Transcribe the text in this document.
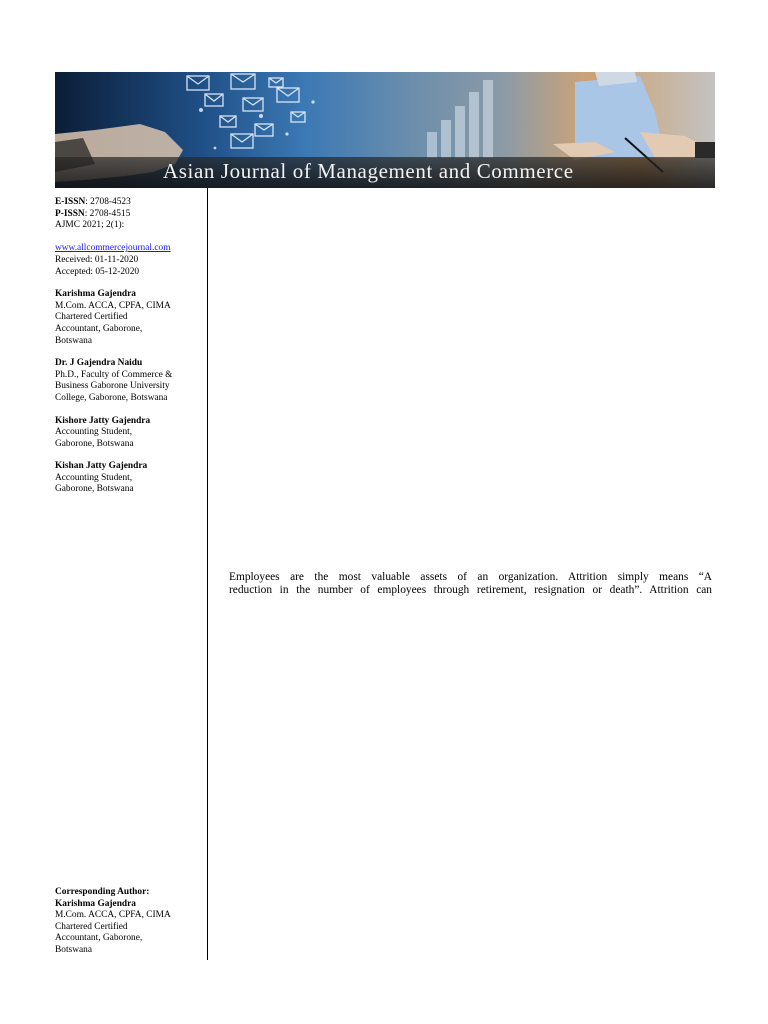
Asian Journal of Management and Commerce
E-ISSN: 2708-4523
P-ISSN: 2708-4515
AJMC 2021; 2(1):
www.allcommercejournal.com
Received: 01-11-2020
Accepted: 05-12-2020
Karishma Gajendra
M.Com. ACCA, CPFA, CIMA
Chartered Certified
Accountant, Gaborone,
Botswana
Dr. J Gajendra Naidu
Ph.D., Faculty of Commerce &
Business Gaborone University
College, Gaborone, Botswana
Kishore Jatty Gajendra
Accounting Student,
Gaborone, Botswana
Kishan Jatty Gajendra
Accounting Student,
Gaborone, Botswana
Corresponding Author:
Karishma Gajendra
M.Com. ACCA, CPFA, CIMA
Chartered Certified
Accountant, Gaborone,
Botswana
Employees are the most valuable assets of an organization. Attrition simply means “A
reduction in the number of employees through retirement, resignation or death”. Attrition can
